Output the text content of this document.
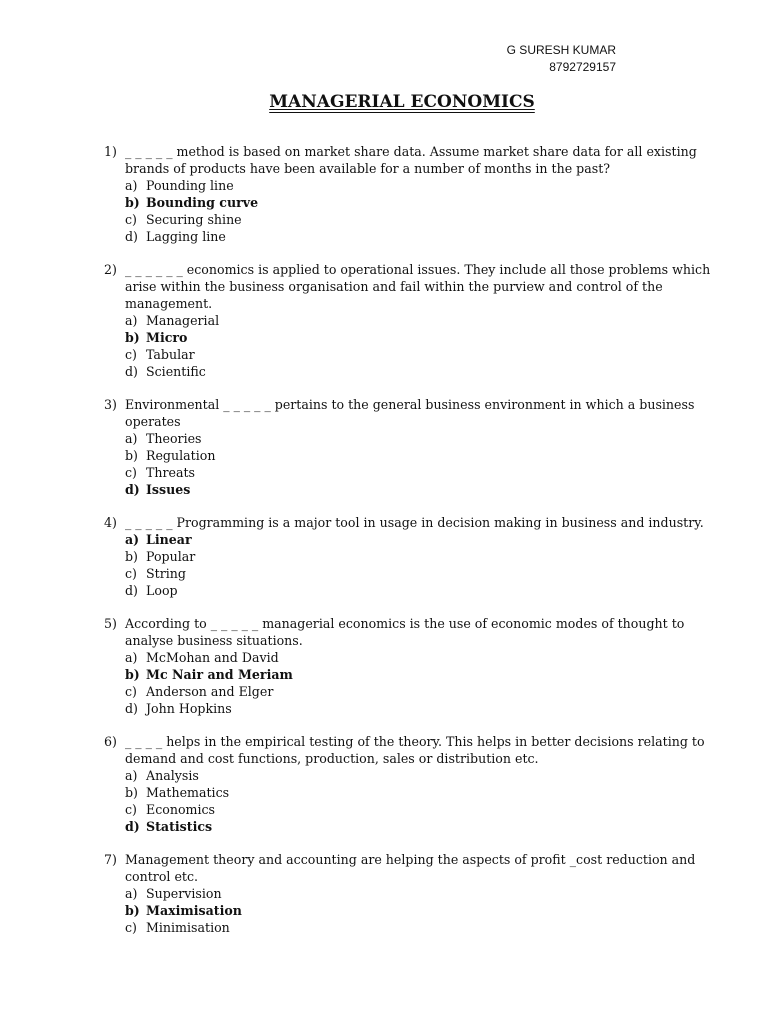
G SURESH KUMAR
8792729157
MANAGERIAL ECONOMICS
1) _ _ _ _ _ method is based on market share data. Assume market share data for all existing brands of products have been available for a number of months in the past?
a) Pounding line
b) Bounding curve
c) Securing shine
d) Lagging line
2) _ _ _ _ _ _ economics is applied to operational issues. They include all those problems which arise within the business organisation and fail within the purview and control of the management.
a) Managerial
b) Micro
c) Tabular
d) Scientific
3) Environmental _ _ _ _ _ pertains to the general business environment in which a business operates
a) Theories
b) Regulation
c) Threats
d) Issues
4) _ _ _ _ _ Programming is a major tool in usage in decision making in business and industry.
a) Linear
b) Popular
c) String
d) Loop
5) According to _ _ _ _ _ managerial economics is the use of economic modes of thought to analyse business situations.
a) McMohan and David
b) Mc Nair and Meriam
c) Anderson and Elger
d) John Hopkins
6) _ _ _ _ helps in the empirical testing of the theory. This helps in better decisions relating to demand and cost functions, production, sales or distribution etc.
a) Analysis
b) Mathematics
c) Economics
d) Statistics
7) Management theory and accounting are helping the aspects of profit _cost reduction and control etc.
a) Supervision
b) Maximisation
c) Minimisation
